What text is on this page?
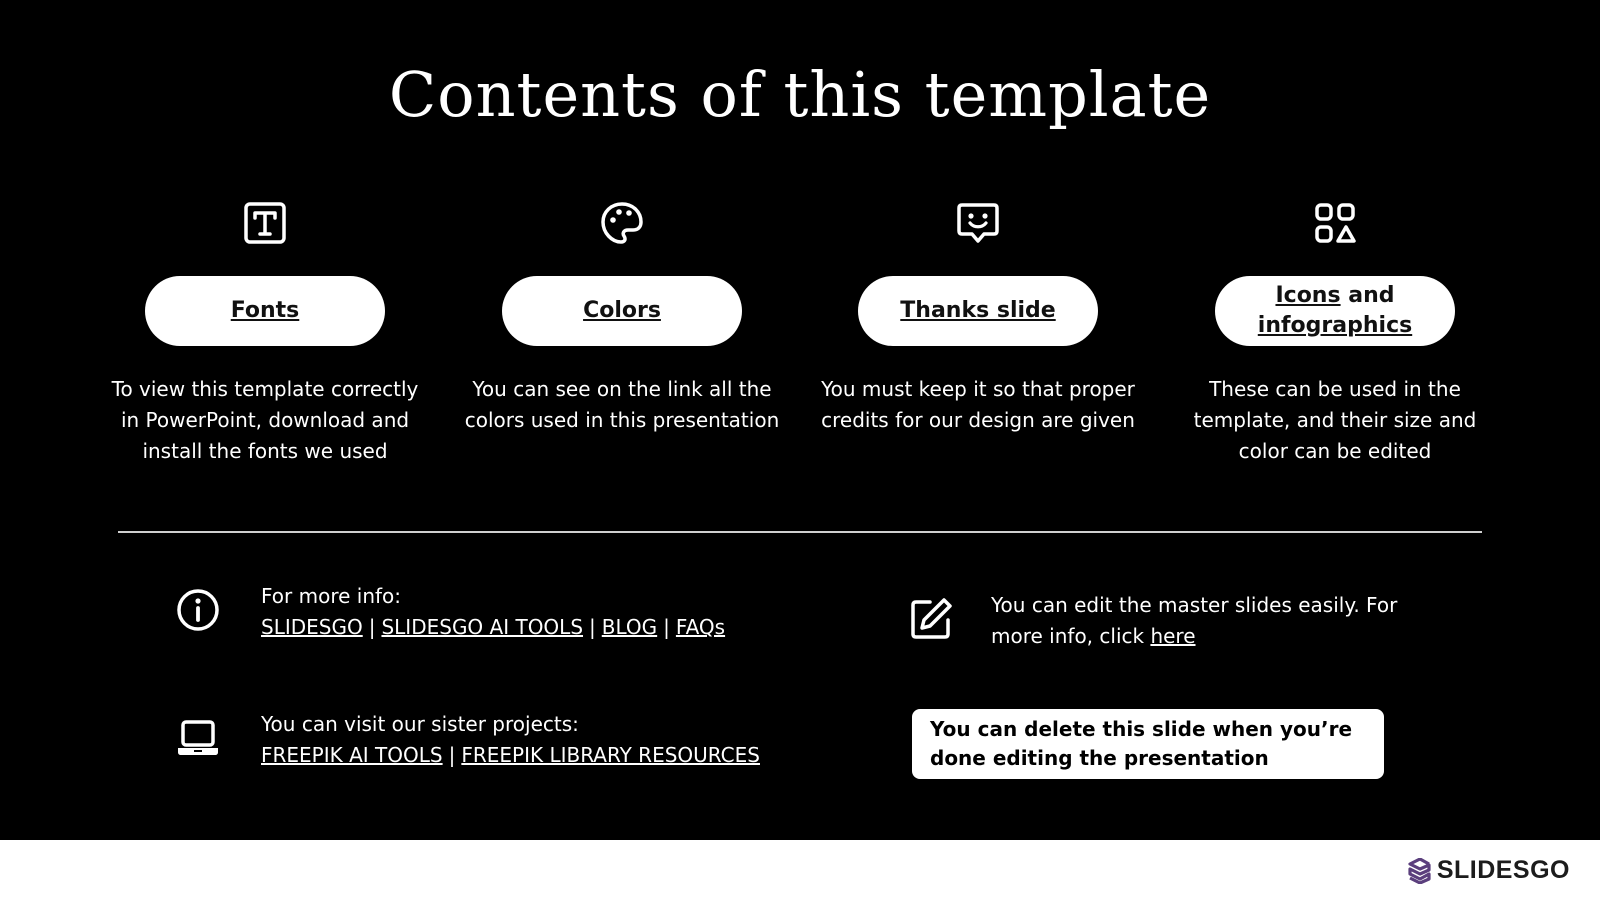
Contents of this template
Fonts
To view this template correctly in PowerPoint, download and install the fonts we used
Colors
You can see on the link all the colors used in this presentation
Thanks slide
You must keep it so that proper credits for our design are given
Icons and
infographics
These can be used in the template, and their size and color can be edited
For more info:
SLIDESGO | SLIDESGO AI TOOLS | BLOG | FAQs
You can visit our sister projects:
FREEPIK AI TOOLS | FREEPIK LIBRARY RESOURCES
You can edit the master slides easily. For more info, click here
You can delete this slide when you’re done editing the presentation
SLIDESGO
